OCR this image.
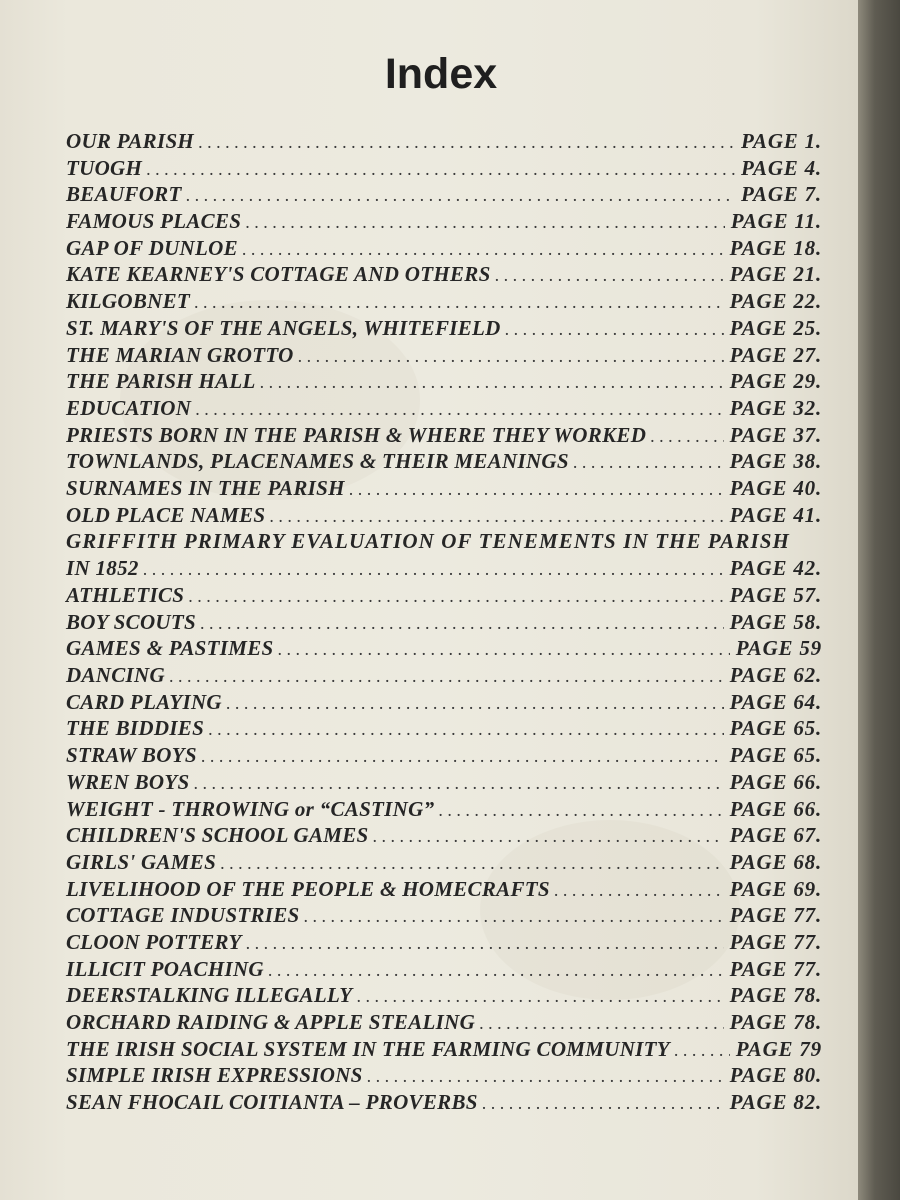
Index
OUR PARISH . . .	PAGE 1.
TUOGH . . .	PAGE 4.
BEAUFORT . . .	PAGE 7.
FAMOUS PLACES . . .	PAGE 11.
GAP OF DUNLOE . . .	PAGE 18.
KATE KEARNEY'S COTTAGE AND OTHERS . . .	PAGE 21.
KILGOBNET . . .	PAGE 22.
ST. MARY'S OF THE ANGELS, WHITEFIELD . . .	PAGE 25.
THE MARIAN GROTTO . . .	PAGE 27.
THE PARISH HALL . . .	PAGE 29.
EDUCATION . . .	PAGE 32.
PRIESTS BORN IN THE PARISH & WHERE THEY WORKED . . .	PAGE 37.
TOWNLANDS, PLACENAMES & THEIR MEANINGS . . .	PAGE 38.
SURNAMES IN THE PARISH . . .	PAGE 40.
OLD PLACE NAMES . . .	PAGE 41.
GRIFFITH PRIMARY EVALUATION OF TENEMENTS IN THE PARISH
IN 1852 . . .	PAGE 42.
ATHLETICS . . .	PAGE 57.
BOY SCOUTS . . .	PAGE 58.
GAMES & PASTIMES . . .	PAGE 59
DANCING . . .	PAGE 62.
CARD PLAYING . . .	PAGE 64.
THE BIDDIES . . .	PAGE 65.
STRAW BOYS . . .	PAGE 65.
WREN BOYS . . .	PAGE 66.
WEIGHT - THROWING or “CASTING” . . .	PAGE 66.
CHILDREN'S SCHOOL GAMES . . .	PAGE 67.
GIRLS' GAMES . . .	PAGE 68.
LIVELIHOOD OF THE PEOPLE & HOMECRAFTS . . .	PAGE 69.
COTTAGE INDUSTRIES . . .	PAGE 77.
CLOON POTTERY . . .	PAGE 77.
ILLICIT POACHING . . .	PAGE 77.
DEERSTALKING ILLEGALLY . . .	PAGE 78.
ORCHARD RAIDING & APPLE STEALING . . .	PAGE 78.
THE IRISH SOCIAL SYSTEM IN THE FARMING COMMUNITY . . .	PAGE 79
SIMPLE IRISH EXPRESSIONS . . .	PAGE 80.
SEAN FHOCAIL COITIANTA – PROVERBS . . .	PAGE 82.
